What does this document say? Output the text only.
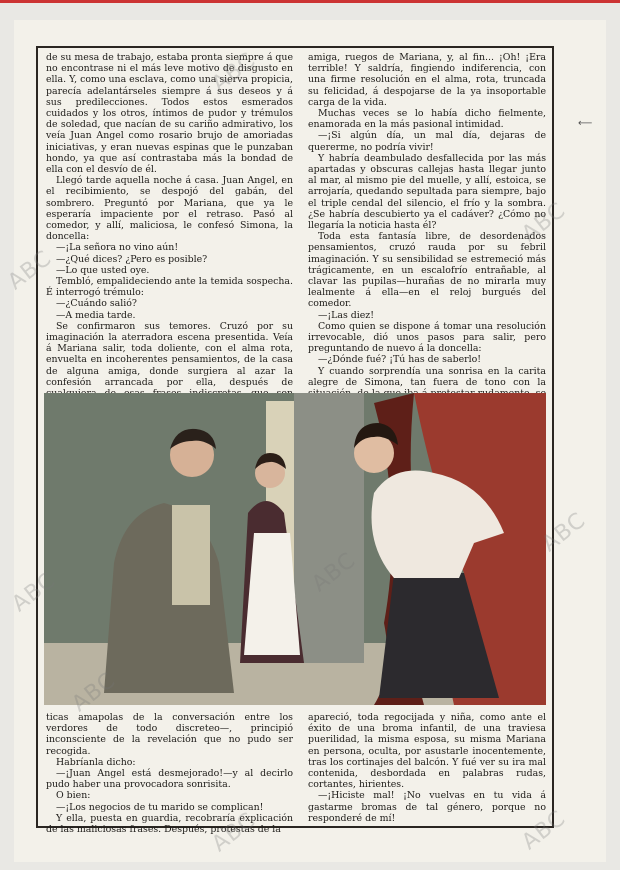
⟵

de su mesa de trabajo, estaba pronta siempre á que no encontrase ni el más leve motivo de disgusto en ella. Y, como una esclava, como una sierva propicia, parecía adelantárseles siempre á sus deseos y á sus predilecciones. Todos estos esmerados cuidados y los otros, íntimos de pudor y trémulos de soledad, que nacían de su cariño admirativo, los veía Juan Angel como rosario brujo de amoriadas iniciativas, y eran nuevas espinas que le punzaban hondo, ya que así contrastaba más la bondad de ella con el desvío de él.

Llegó tarde aquella noche á casa. Juan Angel, en el recibimiento, se despojó del gabán, del sombrero. Preguntó por Mariana, que ya le esperaría impaciente por el retraso. Pasó al comedor, y allí, maliciosa, le confesó Simona, la doncella:

—¡La señora no vino aún!

—¿Qué dices? ¿Pero es posible?

—Lo que usted oye.

Tembló, empalideciendo ante la temida sospecha. É interrogó trémulo:

—¿Cuándo salió?

—A media tarde.

Se confirmaron sus temores. Cruzó por su imaginación la aterradora escena presentida. Veía á Mariana salir, toda doliente, con el alma rota, envuelta en incoherentes pensamientos, de la casa de alguna amiga, donde surgiera al azar la confesión arrancada por ella, después de

amiga, ruegos de Mariana, y, al fin... ¡Oh! ¡Era terrible! Y saldría, fingiendo indiferencia, con una firme resolución en el alma, rota, truncada su felicidad, á despojarse de la ya insoportable carga de la vida.

Muchas veces se lo había dicho fielmente, enamorada en la más pasional intimidad.

—¡Si algún día, un mal día, dejaras de quererme, no podría vivir!

Y habría deambulado desfallecida por las más apartadas y obscuras callejas hasta llegar junto al mar, al mismo pie del muelle, y allí, estoica, se arrojaría, quedando sepultada para siempre, bajo el triple cendal del silencio, el frío y la sombra. ¿Se habría descubierto ya el cadáver? ¿Cómo no llegaría la noticia hasta él?

Toda esta fantasía libre, de desordenados pensamientos, cruzó rauda por su febril imaginación. Y su sensibilidad se estremeció más trágicamente, en un escalofrío entrañable, al clavar las pupilas—hurañas de no mirarla muy lealmente á ella—en el reloj burgués del comedor.

—¡Las diez!

Como quien se dispone á tomar una resolución irrevocable, dió unos pasos para salir, pero preguntando de nuevo á la doncella:

—¿Dónde fué? ¡Tú has de saberlo!

Y cuando sorprendía una sonrisa en la carita alegre de Simona, tan fuera de tono con la

ticas amapolas de la conversación entre los verdores de todo discreteo—, principió inconsciente de la revelación que no pudo ser recogida.

Habríanla dicho:

—¡Juan Angel está desmejorado!—y al decirlo pudo haber una provocadora sonrisita.

O bien:

—¡Los negocios de tu marido se complican!

Y ella, puesta en guardia, recobraría explicación de las maliciosas frases. Después, protestas de la

apareció, toda regocijada y niña, como ante el éxito de una broma infantil, de una traviesa puerilidad, la misma esposa, su misma Mariana en persona, oculta, por asustarle inocentemente, tras los cortinajes del balcón. Y fué ver su ira mal contenida, desbordada en palabras rudas, cortantes, hirientes.

—¡Hiciste mal! ¡No vuelvas en tu vida á gastarme bromas de tal género, porque no responderé de mí!

ABC
ABC
ABC
ABC
ABC
ABC
ABC
ABC	ABC
